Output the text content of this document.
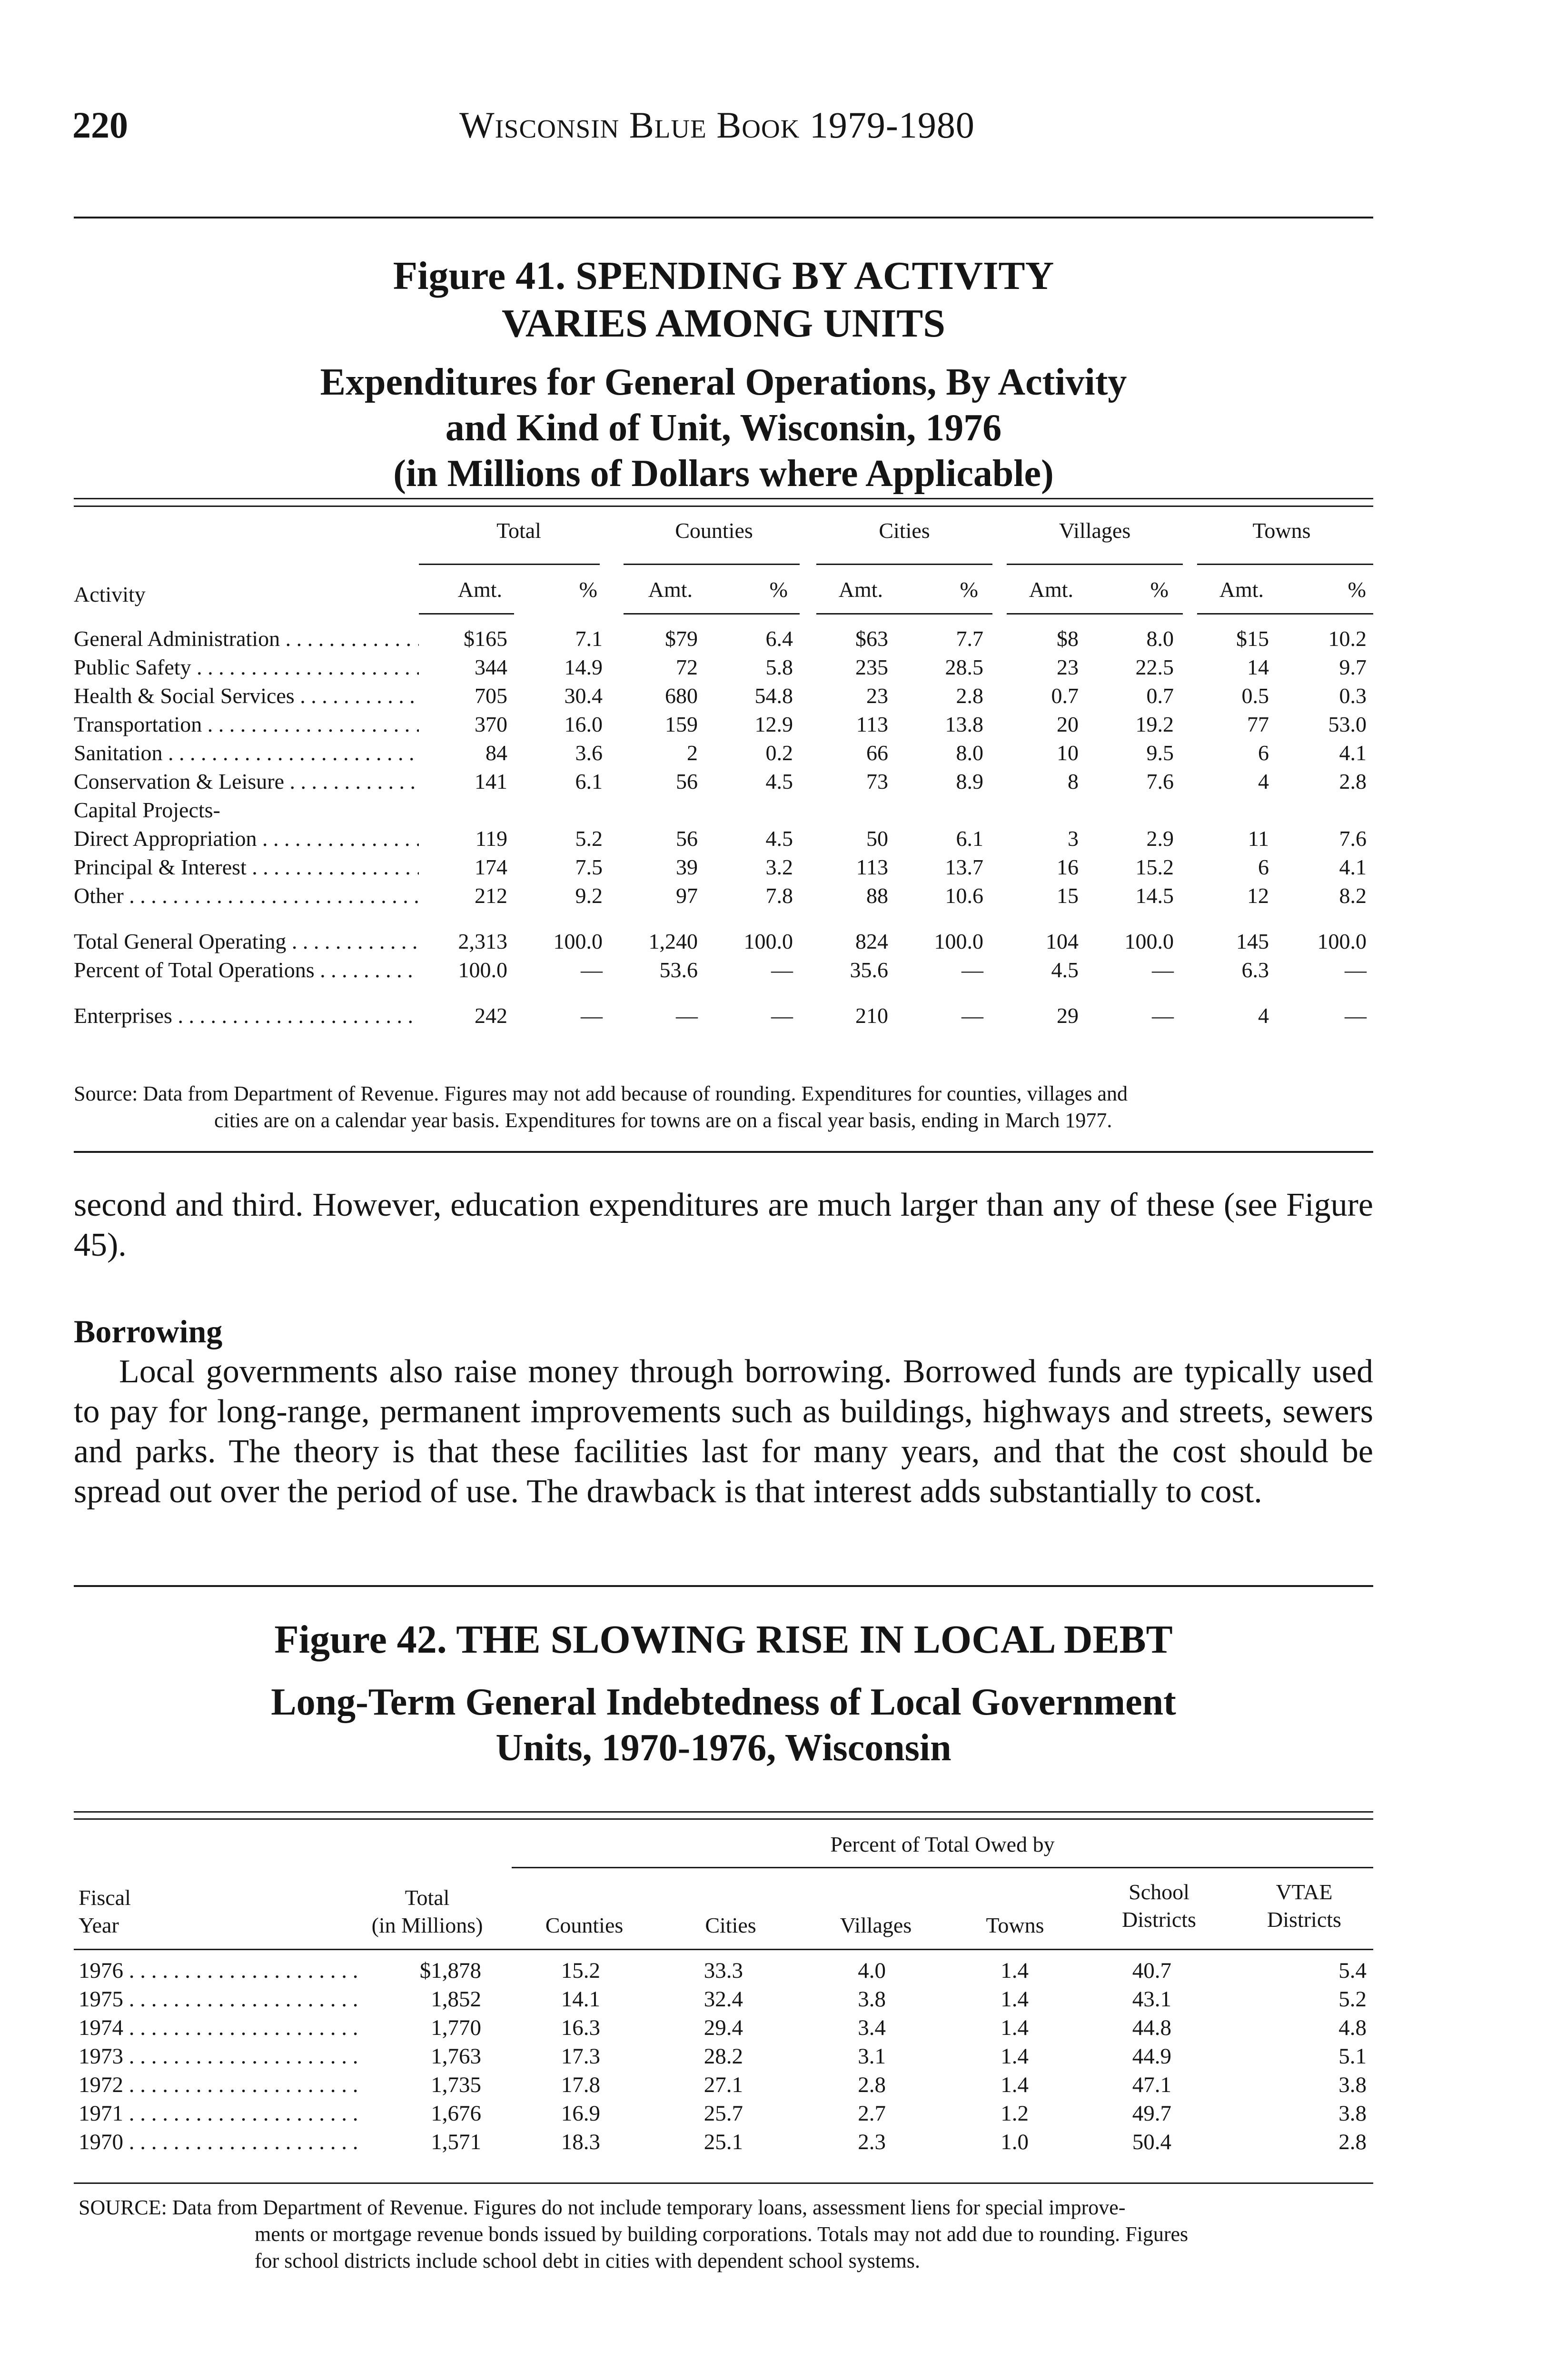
220	Wisconsin Blue Book 1979-1980
Figure 41. SPENDING BY ACTIVITY
VARIES AMONG UNITS
Expenditures for General Operations, By Activity
and Kind of Unit, Wisconsin, 1976
(in Millions of Dollars where Applicable)
Total	Counties	Cities	Villages	Towns
Activity	Amt.	%	Amt.	%	Amt.	%	Amt.	%	Amt.	%
General Administration . . .	$165	7.1	$79	6.4	$63	7.7	$8	8.0	$15	10.2
Public Safety . . .	344	14.9	72	5.8	235	28.5	23	22.5	14	9.7
Health & Social Services . . .	705	30.4	680	54.8	23	2.8	0.7	0.7	0.5	0.3
Transportation . . .	370	16.0	159	12.9	113	13.8	20	19.2	77	53.0
Sanitation . . .	84	3.6	2	0.2	66	8.0	10	9.5	6	4.1
Conservation & Leisure . . .	141	6.1	56	4.5	73	8.9	8	7.6	4	2.8
Capital Projects-										
Direct Appropriation . . .	119	5.2	56	4.5	50	6.1	3	2.9	11	7.6
Principal & Interest . . .	174	7.5	39	3.2	113	13.7	16	15.2	6	4.1
Other . . .	212	9.2	97	7.8	88	10.6	15	14.5	12	8.2

Total General Operating . . .	2,313	100.0	1,240	100.0	824	100.0	104	100.0	145	100.0
Percent of Total Operations . . .	100.0	—	53.6	—	35.6	—	4.5	—	6.3	—

Enterprises . . .	242	—	—	—	210	—	29	—	4	—
Source: Data from Department of Revenue. Figures may not add because of rounding. Expenditures for counties, villages and
cities are on a calendar year basis. Expenditures for towns are on a fiscal year basis, ending in March 1977.
second and third. However, education expenditures are much larger than any of these (see Figure 45).
Borrowing
Local governments also raise money through borrowing. Borrowed funds are typically used to pay for long-range, permanent improvements such as buildings, highways and streets, sewers and parks. The theory is that these facilities last for many years, and that the cost should be spread out over the period of use. The drawback is that interest adds substantially to cost.
Figure 42. THE SLOWING RISE IN LOCAL DEBT
Long-Term General Indebtedness of Local Government
Units, 1970-1976, Wisconsin
Percent of Total Owed by
Fiscal
Year
Total
(in Millions)	Counties	Cities	Villages	Towns
School
Districts
VTAE
Districts
1976 . . .	$1,878	15.2	33.3	4.0	1.4	40.7	5.4
1975 . . .	1,852	14.1	32.4	3.8	1.4	43.1	5.2
1974 . . .	1,770	16.3	29.4	3.4	1.4	44.8	4.8
1973 . . .	1,763	17.3	28.2	3.1	1.4	44.9	5.1
1972 . . .	1,735	17.8	27.1	2.8	1.4	47.1	3.8
1971 . . .	1,676	16.9	25.7	2.7	1.2	49.7	3.8
1970 . . .	1,571	18.3	25.1	2.3	1.0	50.4	2.8
SOURCE: Data from Department of Revenue. Figures do not include temporary loans, assessment liens for special improve-
ments or mortgage revenue bonds issued by building corporations. Totals may not add due to rounding. Figures
for school districts include school debt in cities with dependent school systems.
